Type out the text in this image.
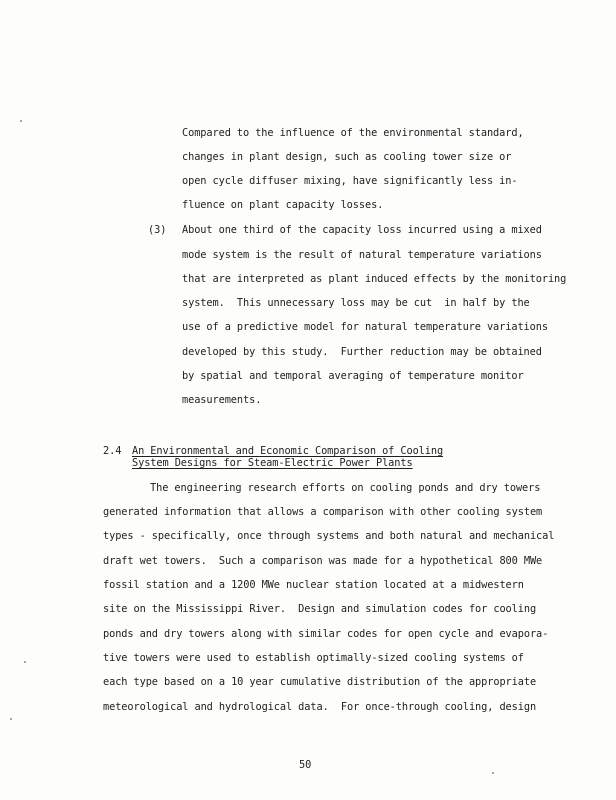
Compared to the influence of the environmental standard,
changes in plant design, such as cooling tower size or
open cycle diffuser mixing, have significantly less in-
fluence on plant capacity losses.
(3) About one third of the capacity loss incurred using a mixed
mode system is the result of natural temperature variations
that are interpreted as plant induced effects by the monitoring
system.  This unnecessary loss may be cut  in half by the
use of a predictive model for natural temperature variations
developed by this study.  Further reduction may be obtained
by spatial and temporal averaging of temperature monitor
measurements.
2.4 An Environmental and Economic Comparison of Cooling
System Designs for Steam-Electric Power Plants
The engineering research efforts on cooling ponds and dry towers
generated information that allows a comparison with other cooling system
types - specifically, once through systems and both natural and mechanical
draft wet towers.  Such a comparison was made for a hypothetical 800 MWe
fossil station and a 1200 MWe nuclear station located at a midwestern
site on the Mississippi River.  Design and simulation codes for cooling
ponds and dry towers along with similar codes for open cycle and evapora-
tive towers were used to establish optimally-sized cooling systems of
each type based on a 10 year cumulative distribution of the appropriate
meteorological and hydrological data.  For once-through cooling, design
50
